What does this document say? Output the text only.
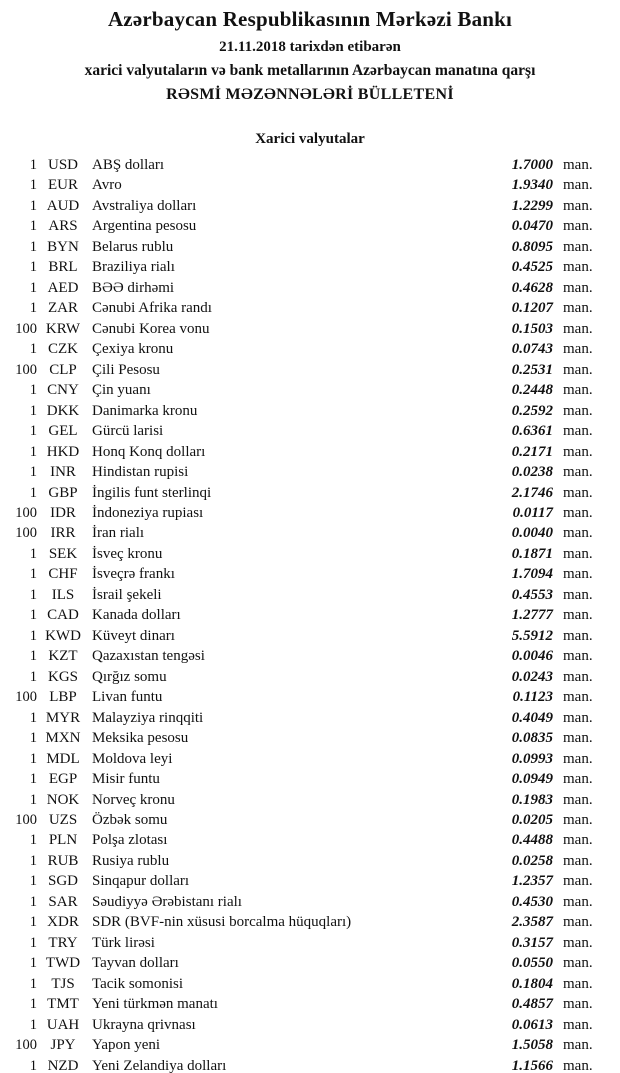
Azərbaycan Respublikasının Mərkəzi Bankı
21.11.2018 tarixdən etibarən
xarici valyutaların və bank metallarının Azərbaycan manatına qarşı
RƏSMİ MƏZƏNNƏLƏRİ BÜLLETENİ
Xarici valyutalar
1 USD ABŞ dolları	1.7000 man.
1 EUR Avro	1.9340 man.
1 AUD Avstraliya dolları	1.2299 man.
1 ARS Argentina pesosu	0.0470 man.
1 BYN Belarus rublu	0.8095 man.
1 BRL Braziliya rialı	0.4525 man.
1 AED BƏƏ dirhəmi	0.4628 man.
1 ZAR Cənubi Afrika randı	0.1207 man.
100 KRW Cənubi Korea vonu	0.1503 man.
1 CZK Çexiya kronu	0.0743 man.
100 CLP	Çili Pesosu	0.2531 man.
1 CNY Çin yuanı	0.2448 man.
1 DKK Danimarka kronu	0.2592 man.
1 GEL Gürcü larisi	0.6361 man.
1 HKD Honq Konq dolları	0.2171 man.
1 INR	Hindistan rupisi	0.0238 man.
1 GBP İngilis funt sterlinqi	2.1746 man.
100 IDR	İndoneziya rupiası	0.0117 man.
100 IRR	İran rialı	0.0040 man.
1 SEK İsveç kronu	0.1871 man.
1 CHF İsveçrə frankı	1.7094 man.
1 ILS	İsrail şekeli	0.4553 man.
1 CAD Kanada dolları	1.2777 man.
1 KWD Küveyt dinarı	5.5912 man.
1 KZT Qazaxıstan tengəsi	0.0046 man.
1 KGS Qırğız somu	0.0243 man.
100 LBP	Livan funtu	0.1123 man.
1 MYR Malayziya rinqqiti	0.4049 man.
1 MXN Meksika pesosu	0.0835 man.
1 MDL Moldova leyi	0.0993 man.
1 EGP Misir funtu	0.0949 man.
1 NOK Norveç kronu	0.1983 man.
100 UZS Özbək somu	0.0205 man.
1 PLN Polşa zlotası	0.4488 man.
1 RUB Rusiya rublu	0.0258 man.
1 SGD Sinqapur dolları	1.2357 man.
1 SAR Səudiyyə Ərəbistanı rialı	0.4530 man.
1 XDR SDR (BVF-nin xüsusi borcalma hüquqları)	2.3587 man.
1 TRY Türk lirəsi	0.3157 man.
1 TWD Tayvan dolları	0.0550 man.
1 TJS	Tacik somonisi	0.1804 man.
1 TMT Yeni türkmən manatı	0.4857 man.
1 UAH Ukrayna qrivnası	0.0613 man.
100 JPY	Yapon yeni	1.5058 man.
1 NZD Yeni Zelandiya dolları	1.1566 man.
